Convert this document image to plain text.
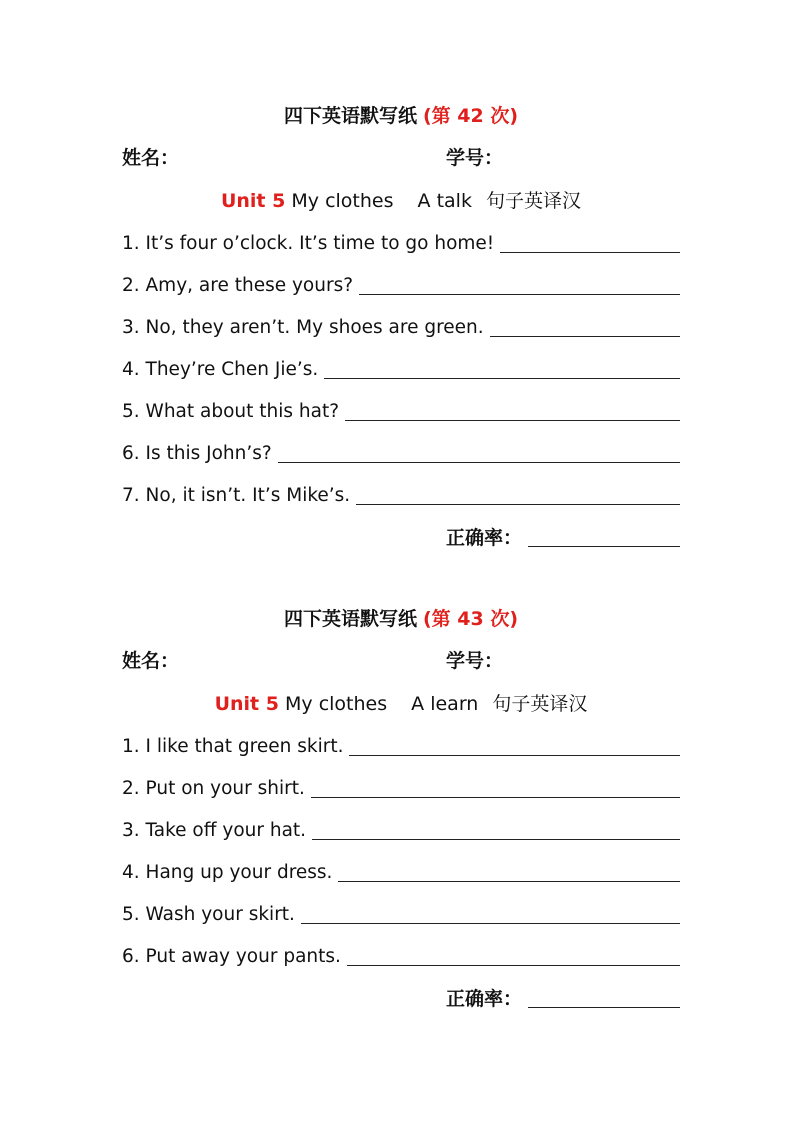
四下英语默写纸 (第 42 次)
姓名：	学号：
Unit 5 My clothes A talk 句子英译汉
1. It’s four o’clock. It’s time to go home!
2. Amy, are these yours?
3. No, they aren’t. My shoes are green.
4. They’re Chen Jie’s.
5. What about this hat?
6. Is this John’s?
7. No, it isn’t. It’s Mike’s.
正确率：
四下英语默写纸 (第 43 次)
姓名：	学号：
Unit 5 My clothes A learn 句子英译汉
1. I like that green skirt.
2. Put on your shirt.
3. Take off your hat.
4. Hang up your dress.
5. Wash your skirt.
6. Put away your pants.
正确率：
